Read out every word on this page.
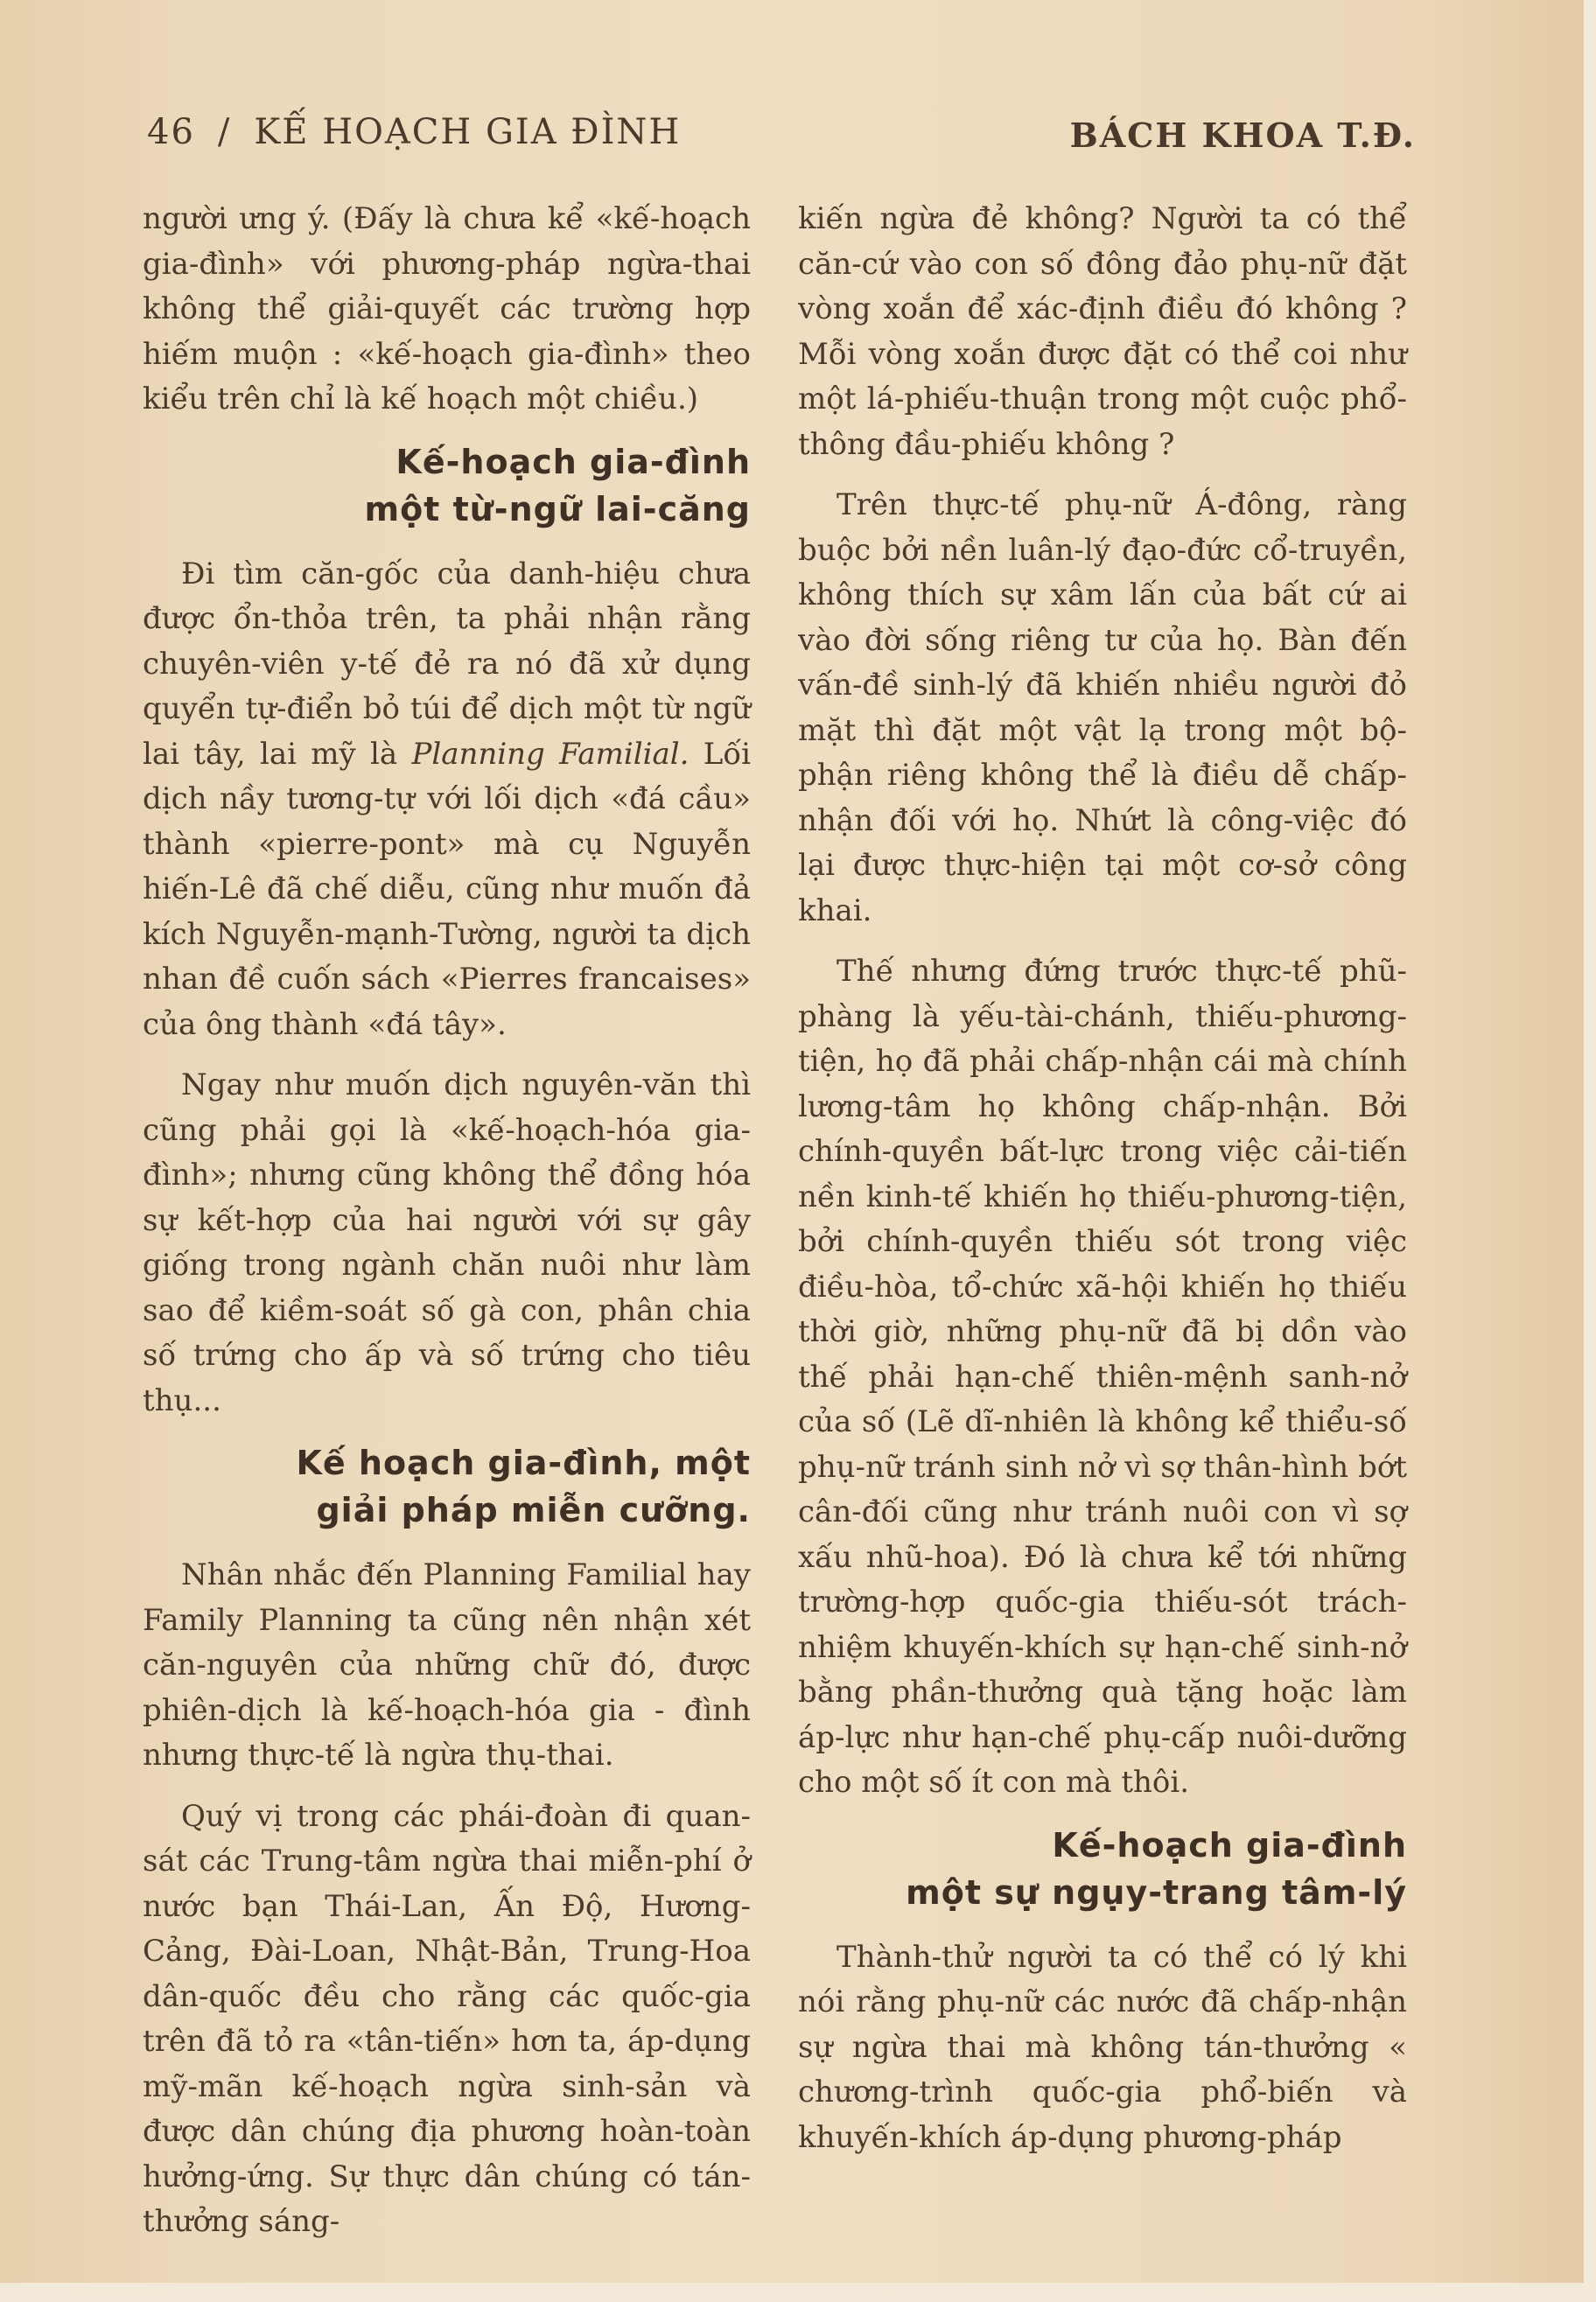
46 / KẾ HOẠCH GIA ĐÌNH	BÁCH KHOA T.Đ.

người ưng ý. (Đấy là chưa kể «kế-hoạch gia-đình» với phương-pháp ngừa-thai không thể giải-quyết các trường hợp hiếm muộn : «kế-hoạch gia-đình» theo kiểu trên chỉ là kế hoạch một chiều.)

Kế-hoạch gia-đình
một từ-ngữ lai-căng

Đi tìm căn-gốc của danh-hiệu chưa được ổn-thỏa trên, ta phải nhận rằng chuyên-viên y-tế đẻ ra nó đã xử dụng quyển tự-điển bỏ túi để dịch một từ ngữ lai tây, lai mỹ là Planning Familial. Lối dịch nầy tương-tự với lối dịch «đá cầu» thành «pierre-pont» mà cụ Nguyễn hiến-Lê đã chế diễu, cũng như muốn đả kích Nguyễn-mạnh-Tường, người ta dịch nhan đề cuốn sách «Pierres francaises» của ông thành «đá tây».

Ngay như muốn dịch nguyên-văn thì cũng phải gọi là «kế-hoạch-hóa gia-đình»; nhưng cũng không thể đồng hóa sự kết-hợp của hai người với sự gây giống trong ngành chăn nuôi như làm sao để kiềm-soát số gà con, phân chia số trứng cho ấp và số trứng cho tiêu thụ...

Kế hoạch gia-đình, một
giải pháp miễn cưỡng.

Nhân nhắc đến Planning Familial hay Family Planning ta cũng nên nhận xét căn-nguyên của những chữ đó, được phiên-dịch là kế-hoạch-hóa gia - đình nhưng thực-tế là ngừa thụ-thai.

Quý vị trong các phái-đoàn đi quan-sát các Trung-tâm ngừa thai miễn-phí ở nước bạn Thái-Lan, Ấn Độ, Hương-Cảng, Đài-Loan, Nhật-Bản, Trung-Hoa dân-quốc đều cho rằng các quốc-gia trên đã tỏ ra «tân-tiến» hơn ta, áp-dụng mỹ-mãn kế-hoạch ngừa sinh-sản và được dân chúng địa phương hoàn-toàn hưởng-ứng. Sự thực dân chúng có tán-thưởng sáng-

kiến ngừa đẻ không? Người ta có thể căn-cứ vào con số đông đảo phụ-nữ đặt vòng xoắn để xác-định điều đó không ? Mỗi vòng xoắn được đặt có thể coi như một lá-phiếu-thuận trong một cuộc phổ-thông đầu-phiếu không ?

Trên thực-tế phụ-nữ Á-đông, ràng buộc bởi nền luân-lý đạo-đức cổ-truyền, không thích sự xâm lấn của bất cứ ai vào đời sống riêng tư của họ. Bàn đến vấn-đề sinh-lý đã khiến nhiều người đỏ mặt thì đặt một vật lạ trong một bộ-phận riêng không thể là điều dễ chấp-nhận đối với họ. Nhứt là công-việc đó lại được thực-hiện tại một cơ-sở công khai.

Thế nhưng đứng trước thực-tế phũ-phàng là yếu-tài-chánh, thiếu-phương-tiện, họ đã phải chấp-nhận cái mà chính lương-tâm họ không chấp-nhận. Bởi chính-quyền bất-lực trong việc cải-tiến nền kinh-tế khiến họ thiếu-phương-tiện, bởi chính-quyền thiếu sót trong việc điều-hòa, tổ-chức xã-hội khiến họ thiếu thời giờ, những phụ-nữ đã bị dồn vào thế phải hạn-chế thiên-mệnh sanh-nở của số (Lẽ dĩ-nhiên là không kể thiểu-số phụ-nữ tránh sinh nở vì sợ thân-hình bớt cân-đối cũng như tránh nuôi con vì sợ xấu nhũ-hoa). Đó là chưa kể tới những trường-hợp quốc-gia thiếu-sót trách-nhiệm khuyến-khích sự hạn-chế sinh-nở bằng phần-thưởng quà tặng hoặc làm áp-lực như hạn-chế phụ-cấp nuôi-dưỡng cho một số ít con mà thôi.

Kế-hoạch gia-đình
một sự ngụy-trang tâm-lý

Thành-thử người ta có thể có lý khi nói rằng phụ-nữ các nước đã chấp-nhận sự ngừa thai mà không tán-thưởng « chương-trình quốc-gia phổ-biến và khuyến-khích áp-dụng phương-pháp
